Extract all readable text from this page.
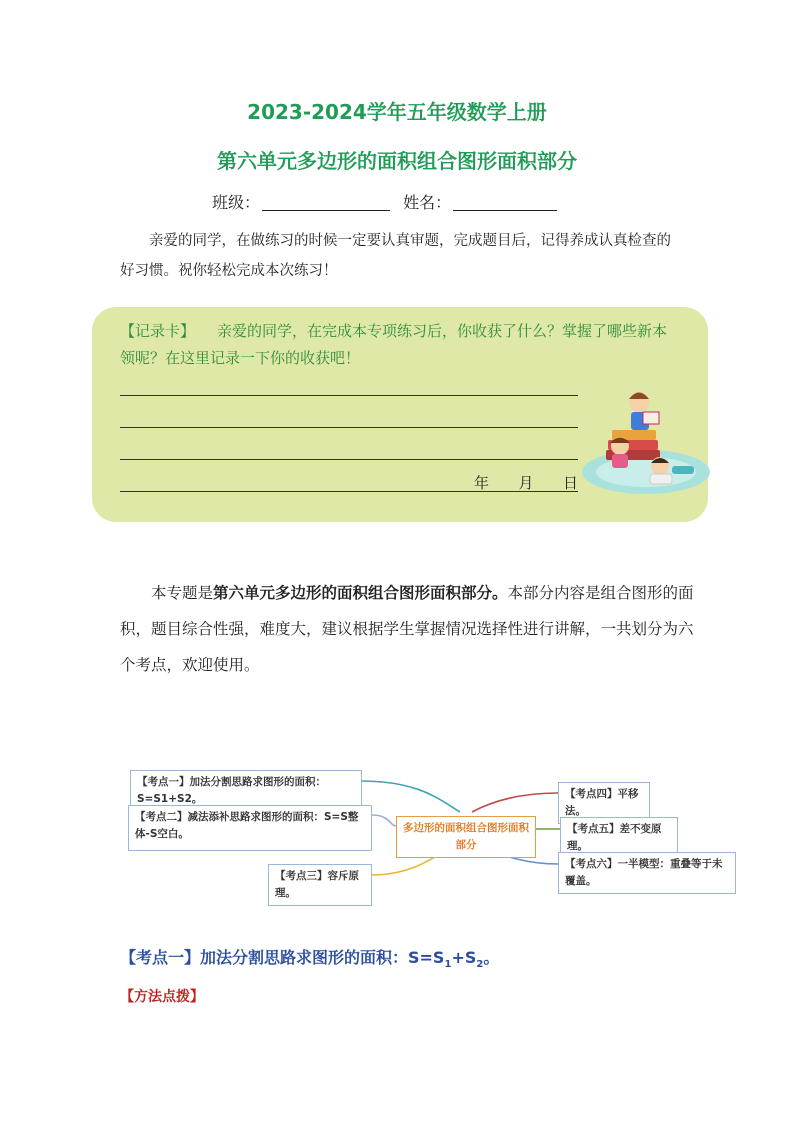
2023-2024学年五年级数学上册
第六单元多边形的面积组合图形面积部分
班级：	姓名：
亲爱的同学，在做练习的时候一定要认真审题，完成题目后，记得养成认真检查的好习惯。祝你轻松完成本次练习！
【记录卡】 亲爱的同学，在完成本专项练习后，你收获了什么？掌握了哪些新本领呢？在这里记录一下你的收获吧！
年 月 日
本专题是第六单元多边形的面积组合图形面积部分。本部分内容是组合图形的面积，题目综合性强，难度大，建议根据学生掌握情况选择性进行讲解，一共划分为六个考点，欢迎使用。
【考点一】加法分割思路求图形的面积：S=S1+S2。
【考点二】减法添补思路求图形的面积：S=S整体-S空白。
【考点三】容斥原理。
多边形的面积组合图形面积部分
【考点四】平移法。
【考点五】差不变原理。
【考点六】一半模型：重叠等于未覆盖。
【考点一】加法分割思路求图形的面积：$S=S_1+S_2$。
【方法点拨】
